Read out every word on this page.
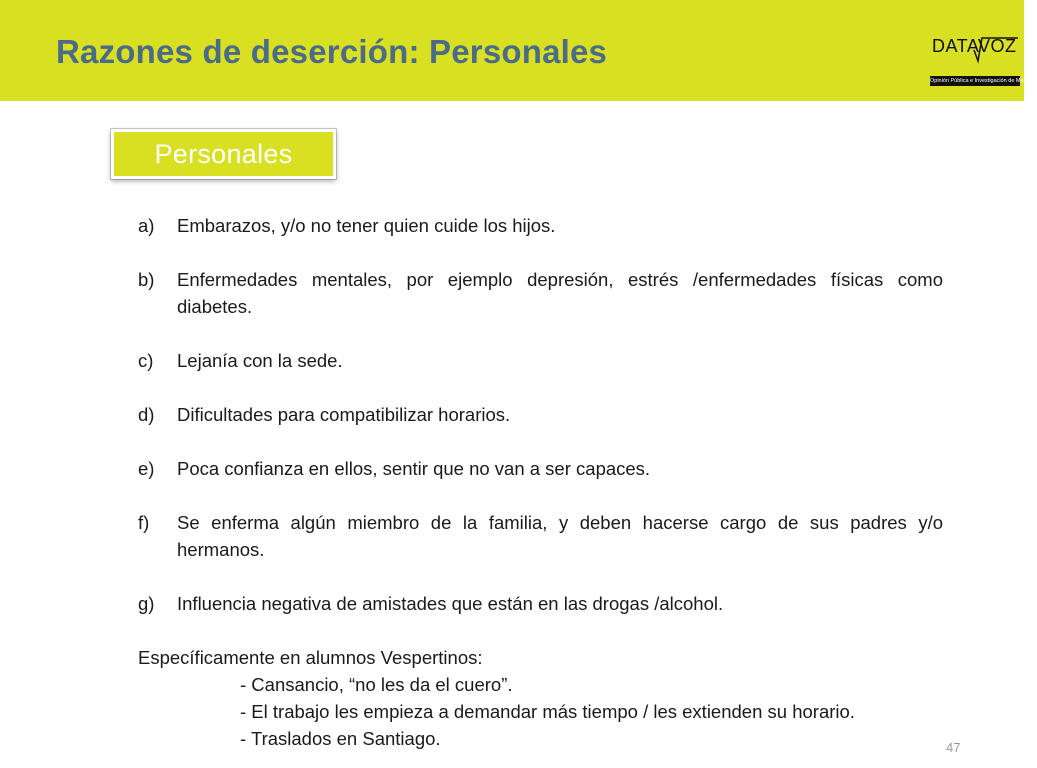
Razones de deserción: Personales	DATAVOZ
Opinión Pública e Investigación de Mercado
Personales
a) Embarazos, y/o no tener quien cuide los hijos.
b) Enfermedades mentales, por ejemplo depresión, estrés /enfermedades físicas como diabetes.
c) Lejanía con la sede.
d) Dificultades para compatibilizar horarios.
e) Poca confianza en ellos, sentir que no van a ser capaces.
f) Se enferma algún miembro de la familia, y deben hacerse cargo de sus padres y/o hermanos.
g) Influencia negativa de amistades que están en las drogas /alcohol.
Específicamente en alumnos Vespertinos:
- Cansancio, “no les da el cuero”.
- El trabajo les empieza a demandar más tiempo / les extienden su horario.
- Traslados en Santiago.	47
